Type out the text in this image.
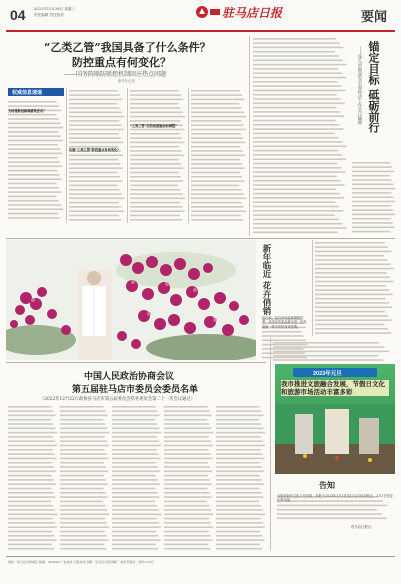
04 2022年12月28日 星期三
责任编辑 责任校对	驻马店日报	要闻
“乙类乙管”我国具备了什么条件？
防控重点有何变化？
——国务院联防联控机制回应热点问题
新华社记者
权威信息速递
为何将新冠病毒感染更名？
实施“乙类乙管”防控重点有何变化？
“乙类乙管”后防疫措施如何调整？	锚定目标 砥砺前行
——深入贯彻落实市委经济工作会议精神
新年临近 花卉俏销
连日来，花卉市场迎来销售旺季，各类年宵花品种丰富、色彩艳丽，吸引市民前来选购。
中国人民政治协商会议
第五届驻马店市委员会委员名单
（2022年12月22日政协驻马店市第五届委员会常务委员会第二十一次会议通过）
2023年元旦
我市推进文旅融合发展，节假日文化和旅游市场活动丰富多彩
告知
为做好新年文化工作安排，本报于2023年1月1日至1月2日休刊两天，1月3日恢复正常出版。
驻马店日报社
地址：驻马店市驿城区 邮编：463000 广告热线 订报热线 印刷：驻马店日报印刷厂 本报零售价：每份1.00元
